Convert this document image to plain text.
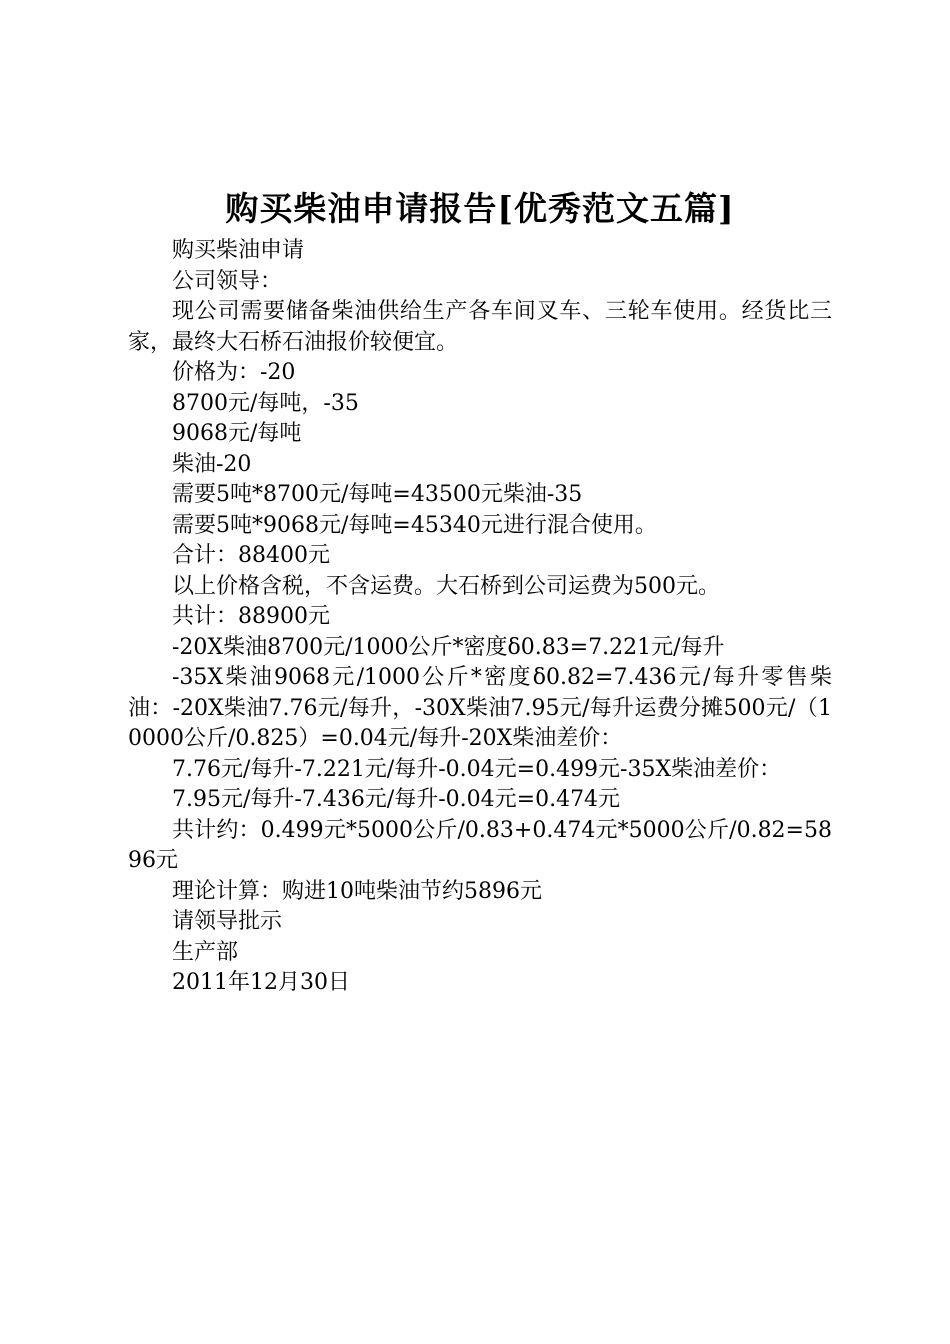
购买柴油申请报告[优秀范文五篇]

购买柴油申请

公司领导：

现公司需要储备柴油供给生产各车间叉车、三轮车使用。经货比三家，最终大石桥石油报价较便宜。

价格为：-20

8700元/每吨，-35

9068元/每吨

柴油-20

需要5吨*8700元/每吨=43500元柴油-35

需要5吨*9068元/每吨=45340元进行混合使用。

合计：88400元

以上价格含税，不含运费。大石桥到公司运费为500元。

共计：88900元

-20X柴油8700元/1000公斤*密度δ0.83=7.221元/每升

-35X柴油9068元/1000公斤*密度δ0.82=7.436元/每升零售柴油：-20X柴油7.76元/每升，-30X柴油7.95元/每升运费分摊500元/（10000公斤/0.825）=0.04元/每升-20X柴油差价：

7.76元/每升-7.221元/每升-0.04元=0.499元-35X柴油差价：

7.95元/每升-7.436元/每升-0.04元=0.474元

共计约：0.499元*5000公斤/0.83+0.474元*5000公斤/0.82=5896元

理论计算：购进10吨柴油节约5896元

请领导批示

生产部

2011年12月30日
